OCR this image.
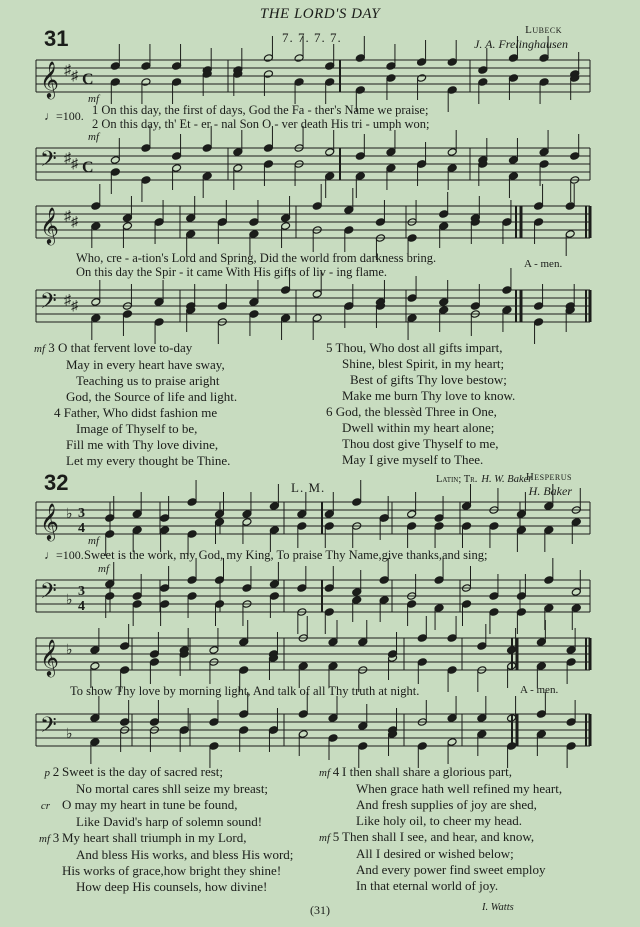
THE LORD'S DAY
31	7. 7. 7. 7.	Lubeck
J. A. Frelinghausen
𝄞 ♯ ♯ C
mf
♩=100. 1 On this day, the first of days, God the Fa - ther's Name we praise;
2 On this day, th' Et - er - nal Son O - ver death His tri - umph won;
mf
𝄢 ♯ ♯ C
𝄞 ♯ ♯
Who, cre - a-tion's Lord and Spring, Did the world from darkness bring.
On this day the Spir - it came With His gifts of liv - ing flame.
A - men.
𝄢 ♯ ♯
mf 3 O that fervent love to-day
May in every heart have sway,
Teaching us to praise aright
God, the Source of life and light.
4 Father, Who didst fashion me
Image of Thyself to be,
Fill me with Thy love divine,
Let my every thought be Thine.
5 Thou, Who dost all gifts impart,
Shine, blest Spirit, in my heart;
Best of gifts Thy love bestow;
Make me burn Thy love to know.
6 God, the blessèd Three in One,
Dwell within my heart alone;
Thou dost give Thyself to me,
May I give myself to Thee.
Latin; Tr. H. W. Baker
32	L. M.
Hesperus
H. Baker
𝄞 ♭ 3
4
mf
♩=100. Sweet is the work, my God, my King, To praise Thy Name,give thanks,and sing;
mf
𝄢 ♭
3
4
𝄞 ♭
To show Thy love by morning light, And talk of all Thy truth at night.	A - men.
𝄢 ♭
p 2 Sweet is the day of sacred rest;
No mortal cares shll seize my breast;
cr O may my heart in tune be found,
Like David's harp of solemn sound!
mf 3 My heart shall triumph in my Lord,
And bless His works, and bless His word;
His works of grace,how bright they shine!
How deep His counsels, how divine!
mf 4 I then shall share a glorious part,
When grace hath well refined my heart,
And fresh supplies of joy are shed,
Like holy oil, to cheer my head.
mf 5 Then shall I see, and hear, and know,
All I desired or wished below;
And every power find sweet employ
In that eternal world of joy.
I. Watts
(31)
